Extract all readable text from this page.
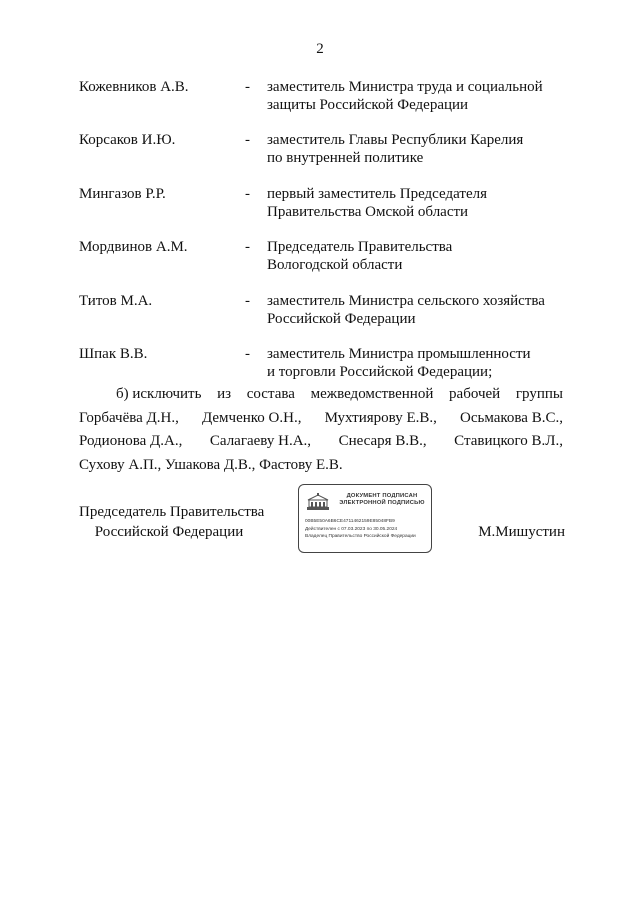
2
Кожевников А.В.	- заместитель Министра труда и социальной
защиты Российской Федерации
Корсаков И.Ю.	- заместитель Главы Республики Карелия
по внутренней политике
Мингазов Р.Р.	- первый заместитель Председателя
Правительства Омской области
Мордвинов А.М.	- Председатель Правительства
Вологодской области
Титов М.А.	- заместитель Министра сельского хозяйства
Российской Федерации
Шпак В.В.	- заместитель Министра промышленности
и торговли Российской Федерации;
б) исключить из состава межведомственной рабочей группы
Горбачёва Д.Н., Демченко О.Н., Мухтиярову Е.В., Осьмакова В.С.,
Родионова Д.А., Салагаеву Н.А., Снесаря В.В., Ставицкого В.Л.,
Сухову А.П., Ушакова Д.В., Фастову Е.В.
Председатель Правительства
Российской Федерации	М.Мишустин
ДОКУМЕНТ ПОДПИСАН
ЭЛЕКТРОННОЙ ПОДПИСЬЮ
00B5E50A6B6CE4711462159E85048FB9
Действителен с 07.03.2023 по 30.05.2024
Владелец Правительство Российской Федерации
